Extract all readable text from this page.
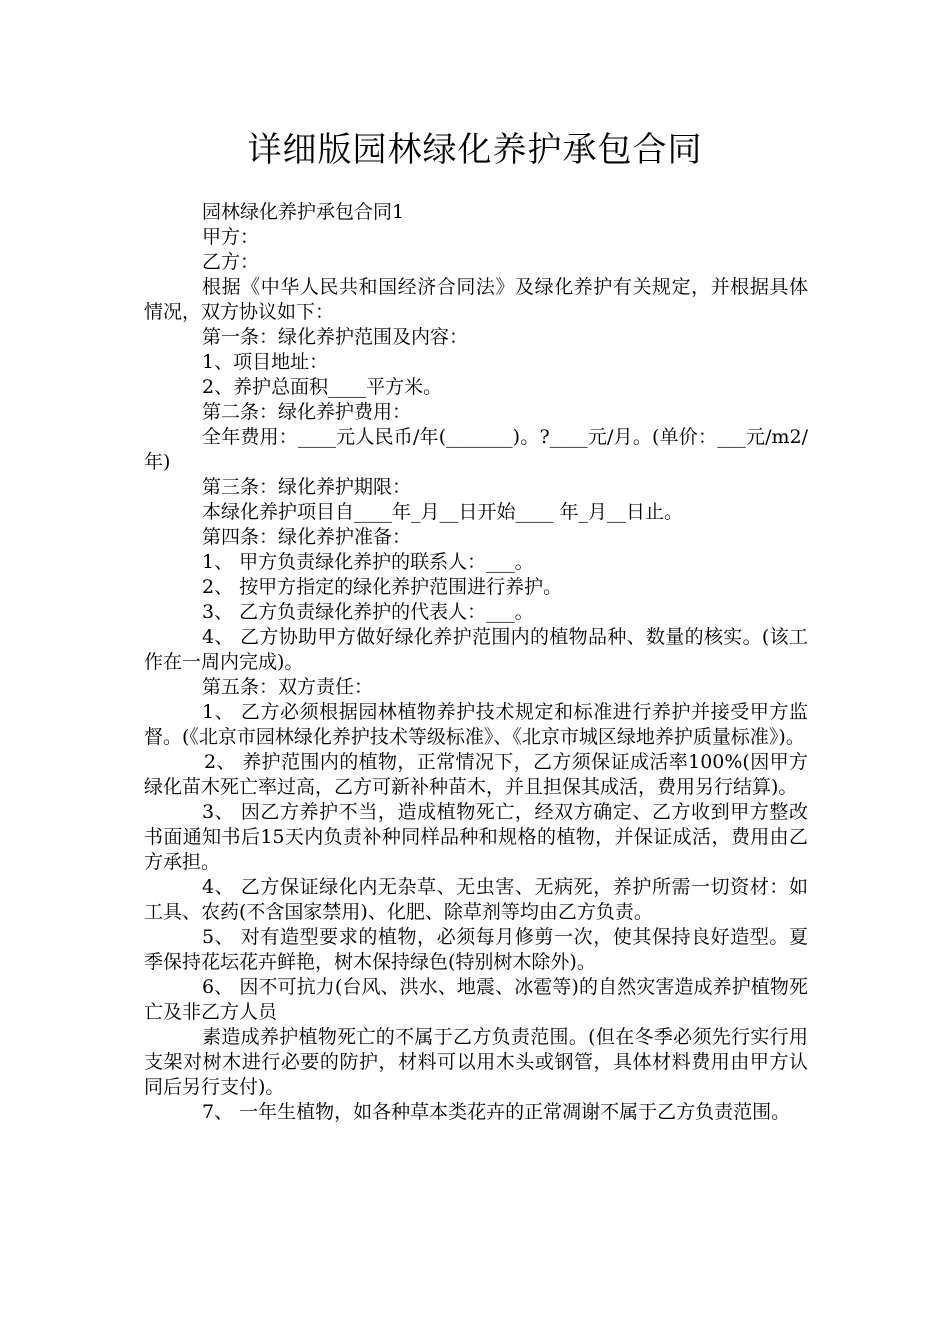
详细版园林绿化养护承包合同

园林绿化养护承包合同1

甲方：

乙方：

根据《中华人民共和国经济合同法》及绿化养护有关规定，并根据具体情况，双方协议如下：

第一条：绿化养护范围及内容：

1、项目地址：

2、养护总面积____平方米。

第二条：绿化养护费用：

全年费用：____元人民币/年(_______)。?____元/月。(单价：___元/m2/年)

第三条：绿化养护期限：

本绿化养护项目自____年_月__日开始____ 年_月__日止。

第四条：绿化养护准备：

1、 甲方负责绿化养护的联系人：___。

2、 按甲方指定的绿化养护范围进行养护。

3、 乙方负责绿化养护的代表人：___。

4、 乙方协助甲方做好绿化养护范围内的植物品种、数量的核实。(该工作在一周内完成)。

第五条：双方责任：

1、 乙方必须根据园林植物养护技术规定和标准进行养护并接受甲方监督。(《北京市园林绿化养护技术等级标准》、《北京市城区绿地养护质量标准》)。

2、 养护范围内的植物，正常情况下，乙方须保证成活率100%(因甲方绿化苗木死亡率过高，乙方可新补种苗木，并且担保其成活，费用另行结算)。

3、 因乙方养护不当，造成植物死亡，经双方确定、乙方收到甲方整改书面通知书后15天内负责补种同样品种和规格的植物，并保证成活，费用由乙方承担。

4、 乙方保证绿化内无杂草、无虫害、无病死，养护所需一切资材：如工具、农药(不含国家禁用)、化肥、除草剂等均由乙方负责。

5、 对有造型要求的植物，必须每月修剪一次，使其保持良好造型。夏季保持花坛花卉鲜艳，树木保持绿色(特别树木除外)。

6、 因不可抗力(台风、洪水、地震、冰雹等)的自然灾害造成养护植物死亡及非乙方人员

素造成养护植物死亡的不属于乙方负责范围。(但在冬季必须先行实行用支架对树木进行必要的防护，材料可以用木头或钢管，具体材料费用由甲方认同后另行支付)。

7、 一年生植物，如各种草本类花卉的正常凋谢不属于乙方负责范围。
